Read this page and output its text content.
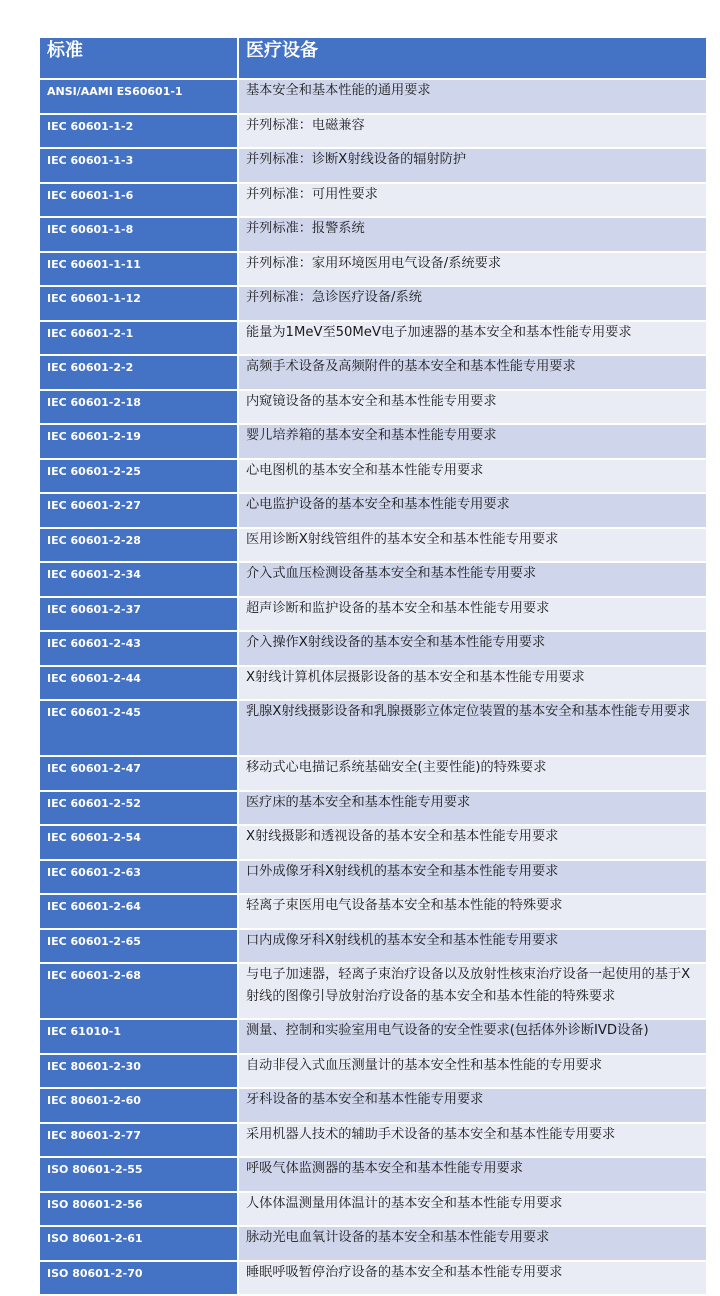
标准	医疗设备
ANSI/AAMI ES60601-1	基本安全和基本性能的通用要求
IEC 60601-1-2	并列标准：电磁兼容
IEC 60601-1-3	并列标准：诊断X射线设备的辐射防护
IEC 60601-1-6	并列标准：可用性要求
IEC 60601-1-8	并列标准：报警系统
IEC 60601-1-11	并列标准：家用环境医用电气设备/系统要求
IEC 60601-1-12	并列标准：急诊医疗设备/系统
IEC 60601-2-1	能量为1MeV至50MeV电子加速器的基本安全和基本性能专用要求
IEC 60601-2-2	高频手术设备及高频附件的基本安全和基本性能专用要求
IEC 60601-2-18	内窥镜设备的基本安全和基本性能专用要求
IEC 60601-2-19	婴儿培养箱的基本安全和基本性能专用要求
IEC 60601-2-25	心电图机的基本安全和基本性能专用要求
IEC 60601-2-27	心电监护设备的基本安全和基本性能专用要求
IEC 60601-2-28	医用诊断X射线管组件的基本安全和基本性能专用要求
IEC 60601-2-34	介入式血压检测设备基本安全和基本性能专用要求
IEC 60601-2-37	超声诊断和监护设备的基本安全和基本性能专用要求
IEC 60601-2-43	介入操作X射线设备的基本安全和基本性能专用要求
IEC 60601-2-44	X射线计算机体层摄影设备的基本安全和基本性能专用要求
IEC 60601-2-45	乳腺X射线摄影设备和乳腺摄影立体定位装置的基本安全和基本性能专用要求
IEC 60601-2-47	移动式心电描记系统基础安全(主要性能)的特殊要求
IEC 60601-2-52	医疗床的基本安全和基本性能专用要求
IEC 60601-2-54	X射线摄影和透视设备的基本安全和基本性能专用要求
IEC 60601-2-63	口外成像牙科X射线机的基本安全和基本性能专用要求
IEC 60601-2-64	轻离子束医用电气设备基本安全和基本性能的特殊要求
IEC 60601-2-65	口内成像牙科X射线机的基本安全和基本性能专用要求
IEC 60601-2-68	与电子加速器，轻离子束治疗设备以及放射性核束治疗设备一起使用的基于X射线的图像引导放射治疗设备的基本安全和基本性能的特殊要求
IEC 61010-1	测量、控制和实验室用电气设备的安全性要求(包括体外诊断IVD设备)
IEC 80601-2-30	自动非侵入式血压测量计的基本安全性和基本性能的专用要求
IEC 80601-2-60	牙科设备的基本安全和基本性能专用要求
IEC 80601-2-77	采用机器人技术的辅助手术设备的基本安全和基本性能专用要求
ISO 80601-2-55	呼吸气体监测器的基本安全和基本性能专用要求
ISO 80601-2-56	人体体温测量用体温计的基本安全和基本性能专用要求
ISO 80601-2-61	脉动光电血氧计设备的基本安全和基本性能专用要求
ISO 80601-2-70	睡眠呼吸暂停治疗设备的基本安全和基本性能专用要求
